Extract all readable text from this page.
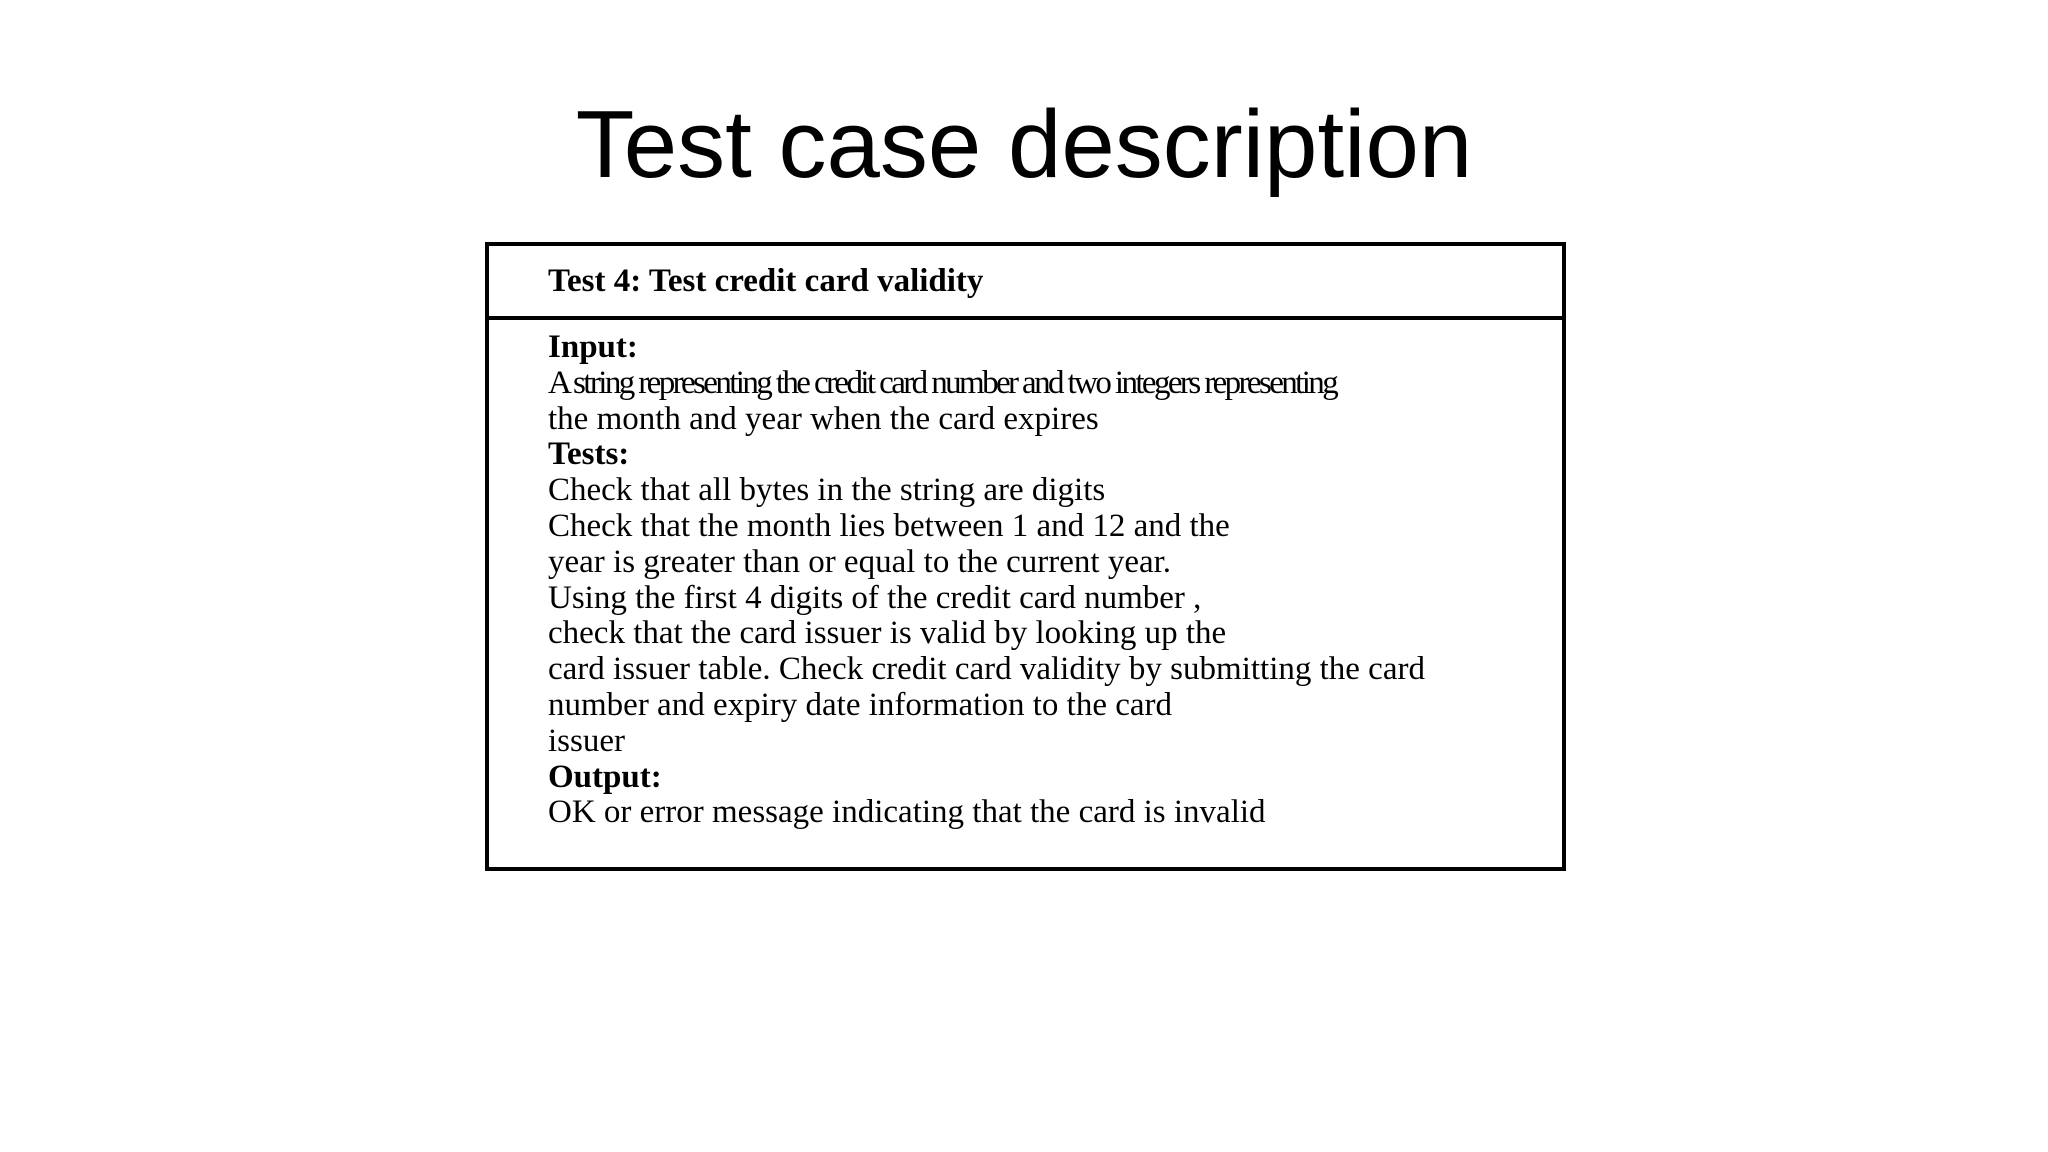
Test case description
Test 4: Test credit card validity
Input:
A string representing the credit card number and two integers representing
the month and year when the card expires
Tests:
Check that all bytes in the string are digits
Check that the month lies between 1 and 12 and the
year is greater than or equal to the current year.
Using the first 4 digits of the credit card number ,
check that the card issuer is valid by looking up the
card issuer table. Check credit card validity by submitting the card
number and expiry date information to the card
issuer
Output:
OK or error message indicating that the card is invalid
